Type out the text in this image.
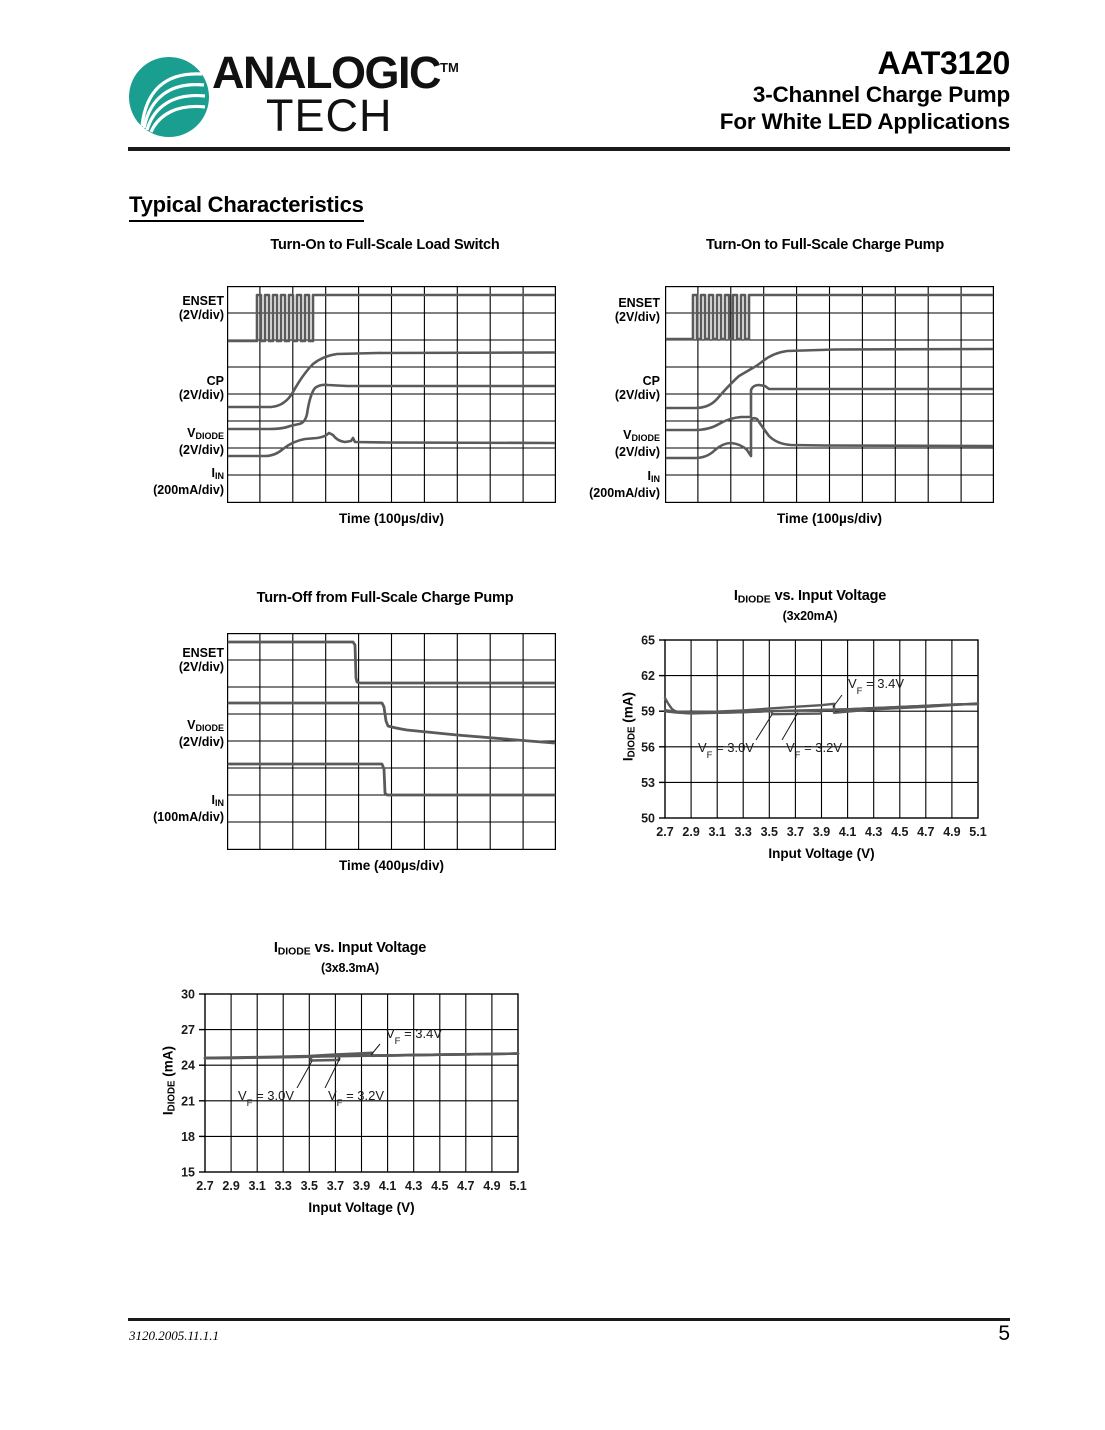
ANALOGIC™
TECH
AAT3120
3-Channel Charge Pump
For White LED Applications
Typical Characteristics
Turn-On to Full-Scale Load Switch
ENSET
(2V/div)
CP
(2V/div)
$V_{DIODE}$
(2V/div)
$I_{IN}$
(200mA/div)
Time (100µs/div)
Turn-On to Full-Scale Charge Pump
ENSET
(2V/div)
CP
(2V/div)
$V_{DIODE}$
(2V/div)
$I_{IN}$
(200mA/div)
Time (100µs/div)
Turn-Off from Full-Scale Charge Pump
ENSET
(2V/div)
$V_{DIODE}$
(2V/div)
$I_{IN}$
(100mA/div)
Time (400µs/div)
$I_{DIODE}$ vs. Input Voltage
(3x20mA)
$I_{DIODE}$ (mA)
65
62
59
56
53
50
2.7 2.9 3.1 3.3 3.5 3.7 3.9 4.1 4.3 4.5 4.7 4.9 5.1
$V_F = 3.0V$ $V_F = 3.2V$
$V_F = 3.4V$
Input Voltage (V)
$I_{DIODE}$ vs. Input Voltage
(3x8.3mA)
$I_{DIODE}$ (mA)
30
27
24
21
18
15
2.7 2.9 3.1 3.3 3.5 3.7 3.9 4.1 4.3 4.5 4.7 4.9 5.1
$V_F = 3.0V$	$V_F = 3.2V$
$V_F = 3.4V$
Input Voltage (V)
3120.2005.11.1.1	5
